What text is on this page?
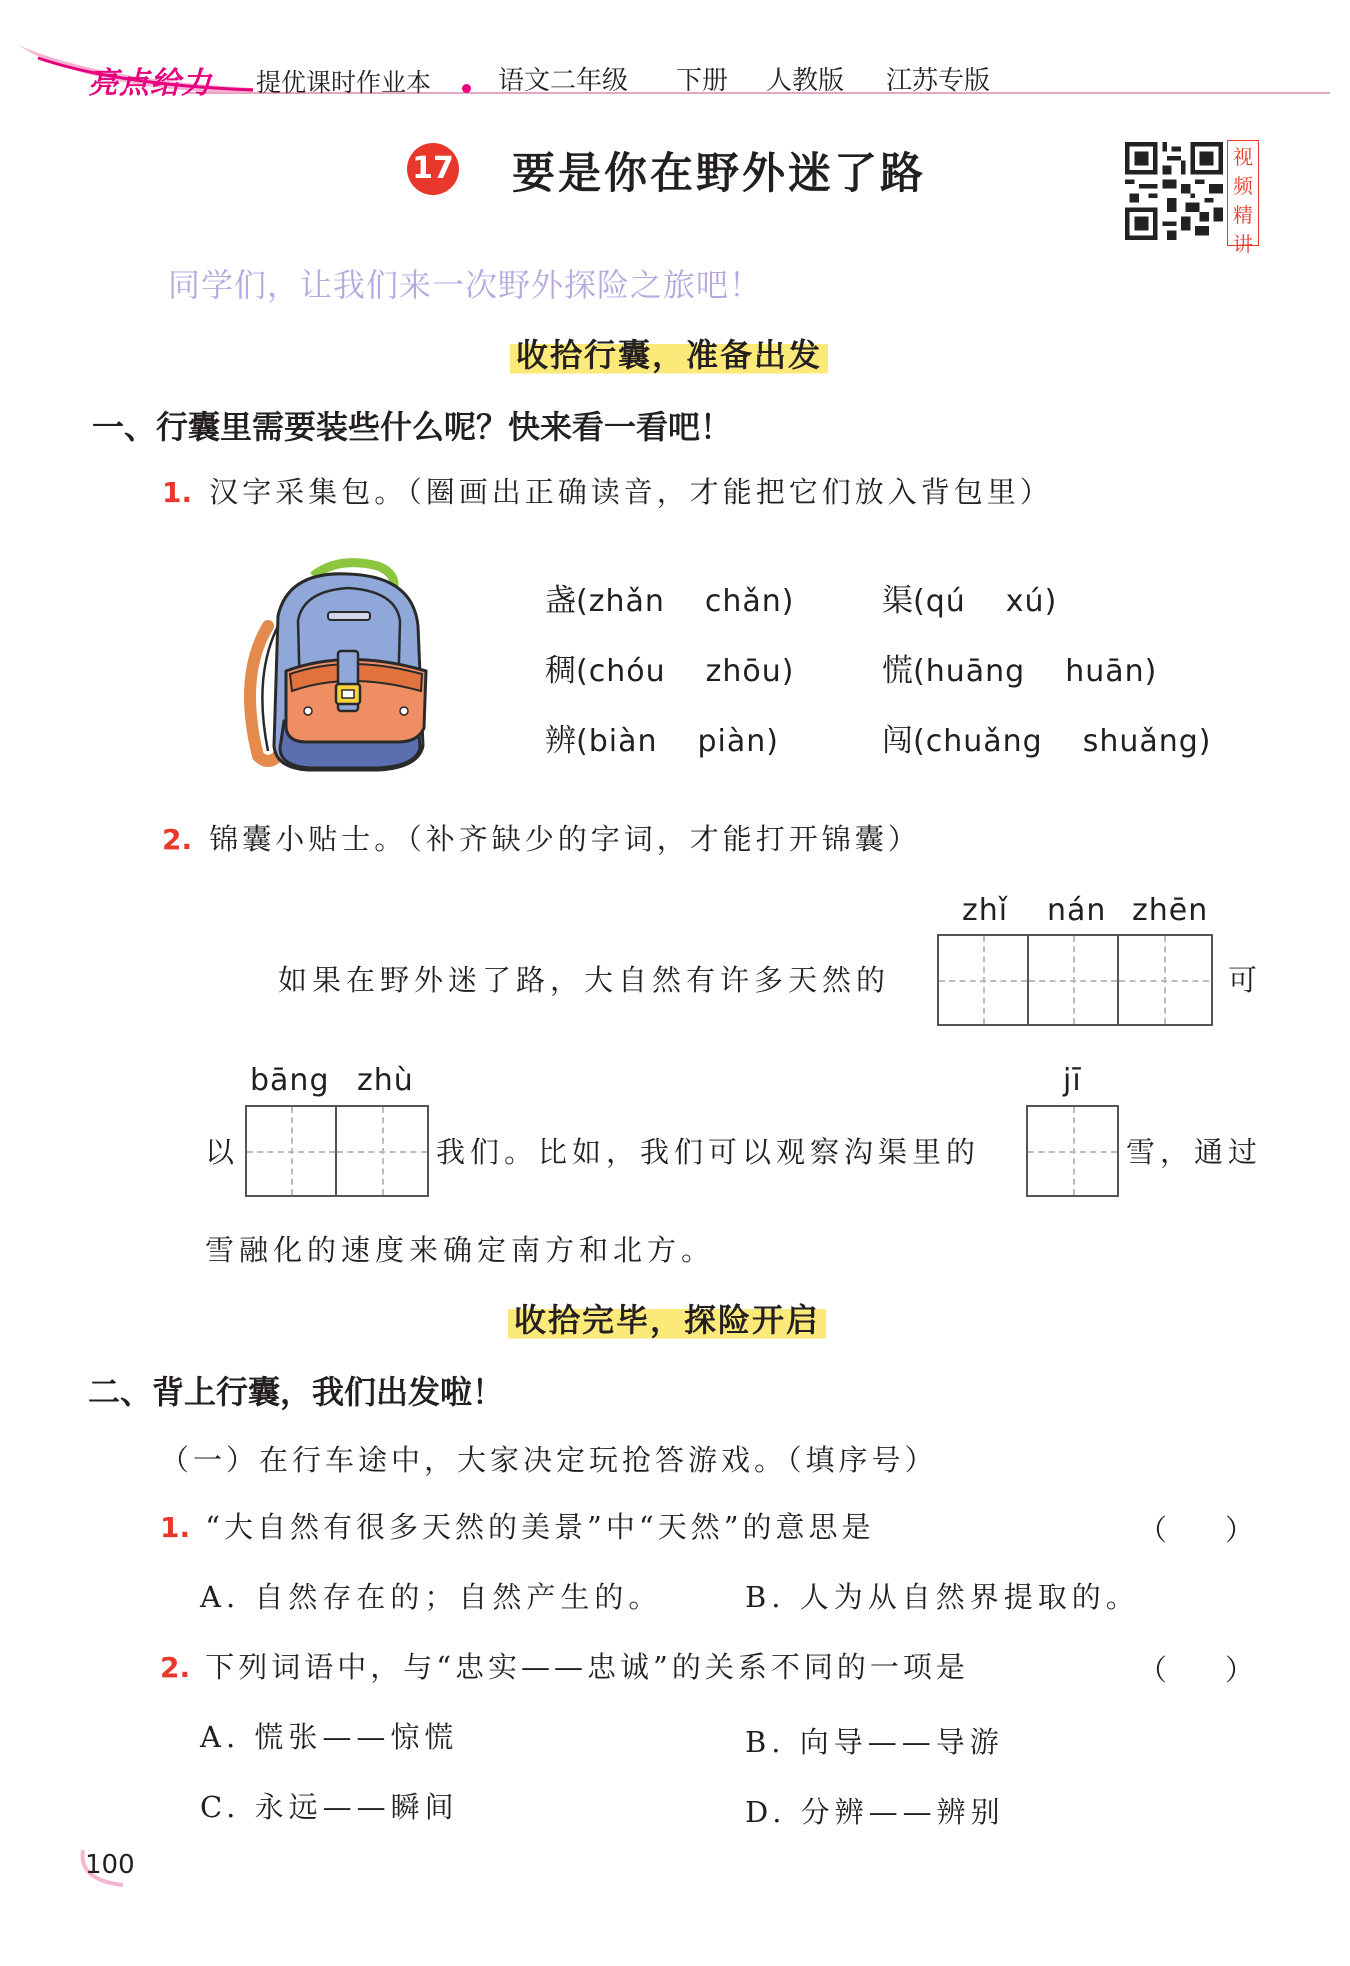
亮点给力 提优课时作业本	语文二年级 下册 人教版 江苏专版
17 要是你在野外迷了路	视
频
精
讲
同学们，让我们来一次野外探险之旅吧！
收拾行囊，准备出发
一、行囊里需要装些什么呢？快来看一看吧！
1. 汉字采集包。（圈画出正确读音，才能把它们放入背包里）
盏(zhǎn chǎn)	渠(qú xú)
稠(chóu zhōu)	慌(huāng huān)
辨(biàn piàn)	闯(chuǎng shuǎng)
2. 锦囊小贴士。（补齐缺少的字词，才能打开锦囊）
zhǐ nán zhēn
如果在野外迷了路，大自然有许多天然的	可
bāng zhù
以	我们。比如，我们可以观察沟渠里的
jī
雪，通过
雪融化的速度来确定南方和北方。
收拾完毕，探险开启
二、背上行囊，我们出发啦！
（一）在行车途中，大家决定玩抢答游戏。（填序号）
1. “大自然有很多天然的美景”中“天然”的意思是	（　　）
A. 自然存在的；自然产生的。	B. 人为从自然界提取的。
2. 下列词语中，与“忠实——忠诚”的关系不同的一项是	（　　）
A. 慌张——惊慌	B. 向导——导游
C. 永远——瞬间	D. 分辨——辨别
100
